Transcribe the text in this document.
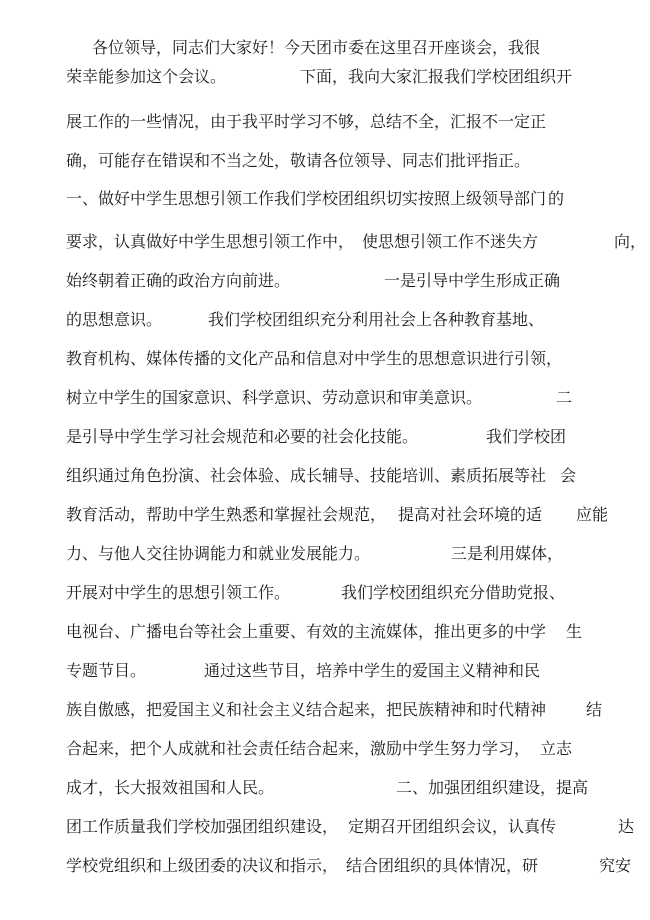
各位领导，同志们大家好！今天团市委在这里召开座谈会，我很
荣幸能参加这个会议。	下面，我向大家汇报我们学校团组织开
展工作的一些情况，由于我平时学习不够，总结不全，汇报不一定正
确，可能存在错误和不当之处，敬请各位领导、同志们批评指正。
一、做好中学生思想引领工作我们学校团组织切实按照上级领导部门 的
要求，认真做好中学生思想引领工作中， 使思想引领工作不迷失方	向，
始终朝着正确的政治方向前进。	一是引导中学生形成正确
的思想意识。	我们学校团组织充分利用社会上各种教育基地、
教育机构、媒体传播的文化产品和信息对中学生的思想意识进行引领，
树立中学生的国家意识、科学意识、劳动意识和审美意识。	二
是引导中学生学习社会规范和必要的社会化技能。	我们学校团
组织通过角色扮演、社会体验、成长辅导、技能培训、素质拓展等社 会
教育活动，帮助中学生熟悉和掌握社会规范， 提高对社会环境的适 应能
力、与他人交往协调能力和就业发展能力。	三是利用媒体，
开展对中学生的思想引领工作。	我们学校团组织充分借助党报、
电视台、广播电台等社会上重要、有效的主流媒体，推出更多的中学 生
专题节目。	通过这些节目，培养中学生的爱国主义精神和民
族自傲感，把爱国主义和社会主义结合起来，把民族精神和时代精神 结
合起来，把个人成就和社会责任结合起来，激励中学生努力学习， 立志
成才，长大报效祖国和人民。	二、加强团组织建设，提高
团工作质量我们学校加强团组织建设， 定期召开团组织会议，认真传	达
学校党组织和上级团委的决议和指示， 结合团组织的具体情况，研	究安
